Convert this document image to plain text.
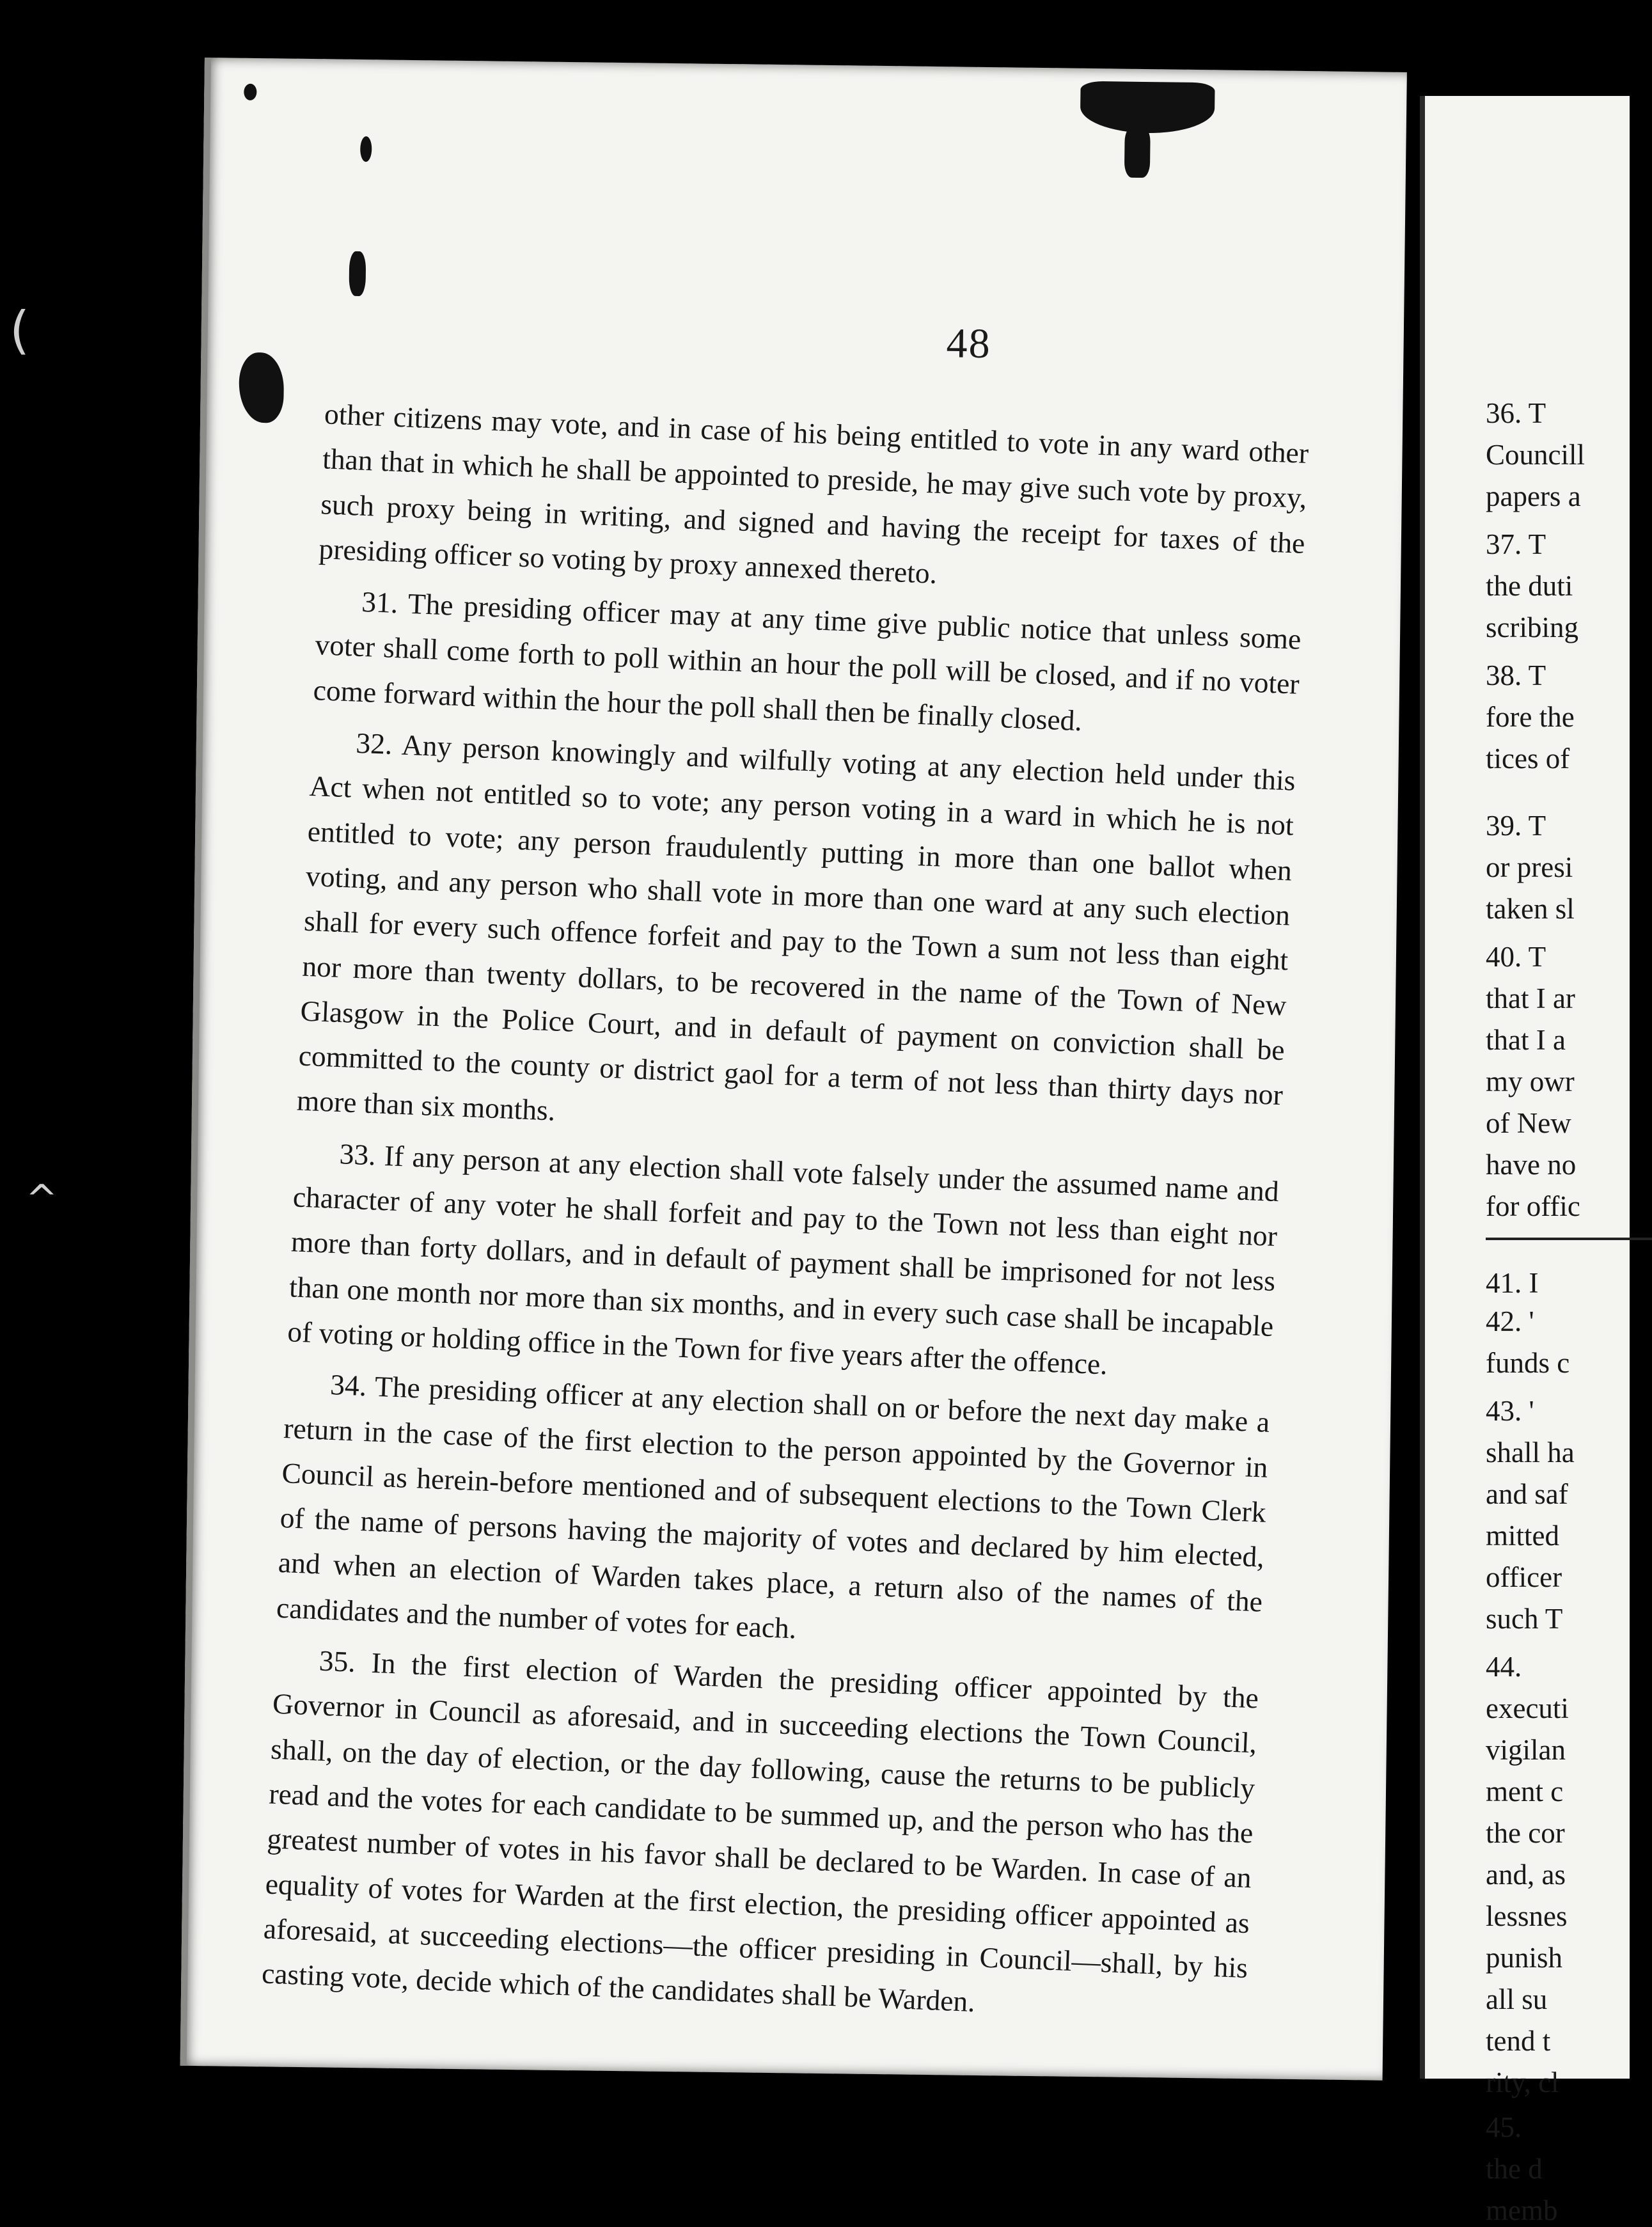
(
^
48

other citizens may vote, and in case of his being entitled to vote in any ward other than that in which he shall be appointed to preside, he may give such vote by proxy, such proxy being in writing, and signed and having the receipt for taxes of the presiding officer so voting by proxy annexed thereto.

31. The presiding officer may at any time give public notice that unless some voter shall come forth to poll within an hour the poll will be closed, and if no voter come forward within the hour the poll shall then be finally closed.

32. Any person knowingly and wilfully voting at any election held under this Act when not entitled so to vote; any person voting in a ward in which he is not entitled to vote; any person fraudulently putting in more than one ballot when voting, and any person who shall vote in more than one ward at any such election shall for every such offence forfeit and pay to the Town a sum not less than eight nor more than twenty dollars, to be recovered in the name of the Town of New Glasgow in the Police Court, and in default of payment on conviction shall be committed to the county or district gaol for a term of not less than thirty days nor more than six months.

33. If any person at any election shall vote falsely under the assumed name and character of any voter he shall forfeit and pay to the Town not less than eight nor more than forty dollars, and in default of payment shall be imprisoned for not less than one month nor more than six months, and in every such case shall be incapable of voting or holding office in the Town for five years after the offence.

34. The presiding officer at any election shall on or before the next day make a return in the case of the first election to the person appointed by the Governor in Council as herein-before mentioned and of subsequent elections to the Town Clerk of the name of persons having the majority of votes and declared by him elected, and when an election of Warden takes place, a return also of the names of the candidates and the number of votes for each.

35. In the first election of Warden the presiding officer appointed by the Governor in Council as aforesaid, and in succeeding elections the Town Council, shall, on the day of election, or the day following, cause the returns to be publicly read and the votes for each candidate to be summed up, and the person who has the greatest number of votes in his favor shall be declared to be Warden. In case of an equality of votes for Warden at the first election, the presiding officer appointed as aforesaid, at succeeding elections—the officer presiding in Council—shall, by his casting vote, decide which of the candidates shall be Warden.

36. T
Councill
papers a
37. T
the duti
scribing
38. T
fore the
tices of
39. T
or presi
taken sl
40. T
that I ar
that I a
my owr
of New
have no
for offic
41. I
42. '
funds c
43. '
shall ha
and saf
mitted
officer
such T
44.
executi
vigilan
ment c
the cor
and, as
lessnes
punish
all su
tend t
rity, cl
45.
the d
memb
